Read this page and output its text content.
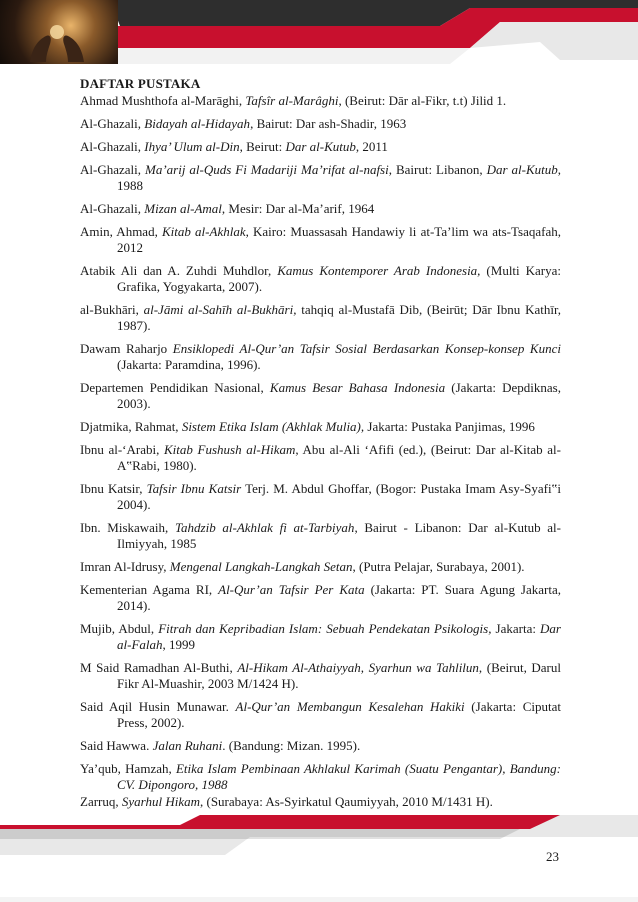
DAFTAR PUSTAKA
Ahmad Mushthofa al-Marāghi, Tafsîr al-Marâghi, (Beirut: Dār al-Fikr, t.t) Jilid 1.
Al-Ghazali, Bidayah al-Hidayah, Bairut: Dar ash-Shadir, 1963
Al-Ghazali, Ihya’ Ulum al-Din, Beirut: Dar al-Kutub, 2011
Al-Ghazali, Ma’arij al-Quds Fi Madariji Ma’rifat al-nafsi, Bairut: Libanon, Dar al-Kutub, 1988
Al-Ghazali, Mizan al-Amal, Mesir: Dar al-Ma’arif, 1964
Amin, Ahmad, Kitab al-Akhlak, Kairo: Muassasah Handawiy li at-Ta’lim wa ats-Tsaqafah, 2012
Atabik Ali dan A. Zuhdi Muhdlor, Kamus Kontemporer Arab Indonesia, (Multi Karya: Grafika, Yogyakarta, 2007).
al-Bukhāri, al-Jāmi al-Sahīh al-Bukhāri, tahqiq al-Mustafā Dib, (Beirūt; Dār Ibnu Kathīr, 1987).
Dawam Raharjo Ensiklopedi Al-Qur’an Tafsir Sosial Berdasarkan Konsep-konsep Kunci (Jakarta: Paramdina, 1996).
Departemen Pendidikan Nasional, Kamus Besar Bahasa Indonesia (Jakarta: Depdiknas, 2003).
Djatmika, Rahmat, Sistem Etika Islam (Akhlak Mulia), Jakarta: Pustaka Panjimas, 1996
Ibnu al-‘Arabi, Kitab Fushush al-Hikam, Abu al-Ali ‘Afifi (ed.), (Beirut: Dar al-Kitab al-A‟Rabi, 1980).
Ibnu Katsir, Tafsir Ibnu Katsir Terj. M. Abdul Ghoffar, (Bogor: Pustaka Imam Asy-Syafi‟i 2004).
Ibn. Miskawaih, Tahdzib al-Akhlak fi at-Tarbiyah, Bairut - Libanon: Dar al-Kutub al-Ilmiyyah, 1985
Imran Al-Idrusy, Mengenal Langkah-Langkah Setan, (Putra Pelajar, Surabaya, 2001).
Kementerian Agama RI, Al-Qur’an Tafsir Per Kata (Jakarta: PT. Suara Agung Jakarta, 2014).
Mujib, Abdul, Fitrah dan Kepribadian Islam: Sebuah Pendekatan Psikologis, Jakarta: Dar al-Falah, 1999
M Said Ramadhan Al-Buthi, Al-Hikam Al-Athaiyyah, Syarhun wa Tahlilun, (Beirut, Darul Fikr Al-Muashir, 2003 M/1424 H).
Said Aqil Husin Munawar. Al-Qur’an Membangun Kesalehan Hakiki (Jakarta: Ciputat Press, 2002).
Said Hawwa. Jalan Ruhani. (Bandung: Mizan. 1995).
Ya’qub, Hamzah, Etika Islam Pembinaan Akhlakul Karimah (Suatu Pengantar), Bandung: CV. Dipongoro, 1988
Zarruq, Syarhul Hikam, (Surabaya: As-Syirkatul Qaumiyyah, 2010 M/1431 H).
23
